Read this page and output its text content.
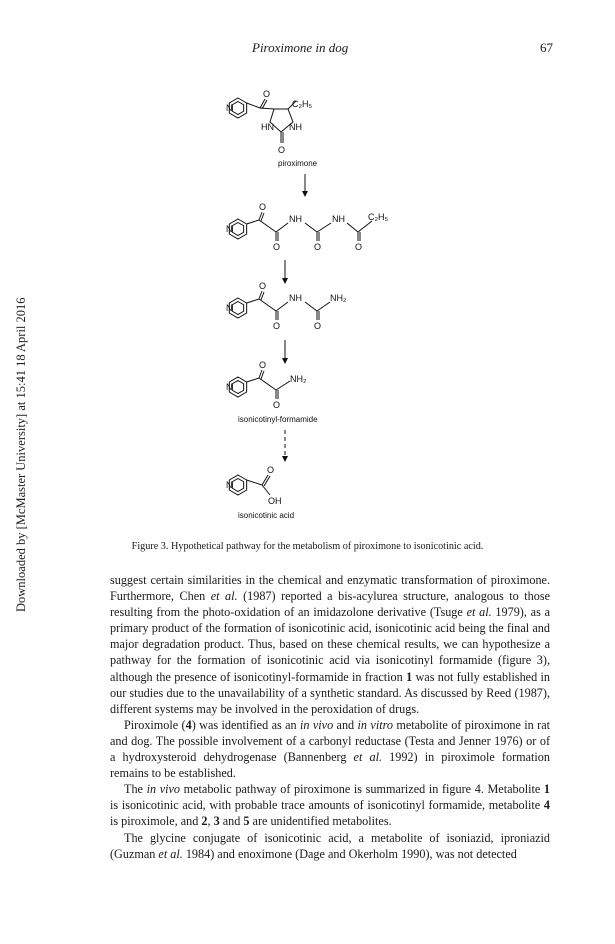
Piroximone in dog	67
Downloaded by [McMaster University] at 15:41 18 April 2016
N
O
C₂H₅
HN NH
O
piroximone
N
O
NH
O
NH
O
C₂H₅
O
N
O
NH
O
NH₂
O
N
O
NH₂
O
isonicotinyl-formamide
N
O
OH
isonicotinic acid
Figure 3. Hypothetical pathway for the metabolism of piroximone to isonicotinic acid.

suggest certain similarities in the chemical and enzymatic transformation of piroximone. Furthermore, Chen et al. (1987) reported a bis-acylurea structure, analogous to those resulting from the photo-oxidation of an imidazolone derivative (Tsuge et al. 1979), as a primary product of the formation of isonicotinic acid, isonicotinic acid being the final and major degradation product. Thus, based on these chemical results, we can hypothesize a pathway for the formation of isonicotinic acid via isonicotinyl formamide (figure 3), although the presence of isonicotinyl-formamide in fraction 1 was not fully established in our studies due to the unavailability of a synthetic standard. As discussed by Reed (1987), different systems may be involved in the peroxidation of drugs.

Piroximole (4) was identified as an in vivo and in vitro metabolite of piroximone in rat and dog. The possible involvement of a carbonyl reductase (Testa and Jenner 1976) or of a hydroxysteroid dehydrogenase (Bannenberg et al. 1992) in piroximole formation remains to be established.

The in vivo metabolic pathway of piroximone is summarized in figure 4. Metabolite 1 is isonicotinic acid, with probable trace amounts of isonicotinyl formamide, metabolite 4 is piroximole, and 2, 3 and 5 are unidentified metabolites.

The glycine conjugate of isonicotinic acid, a metabolite of isoniazid, iproniazid (Guzman et al. 1984) and enoximone (Dage and Okerholm 1990), was not detected
